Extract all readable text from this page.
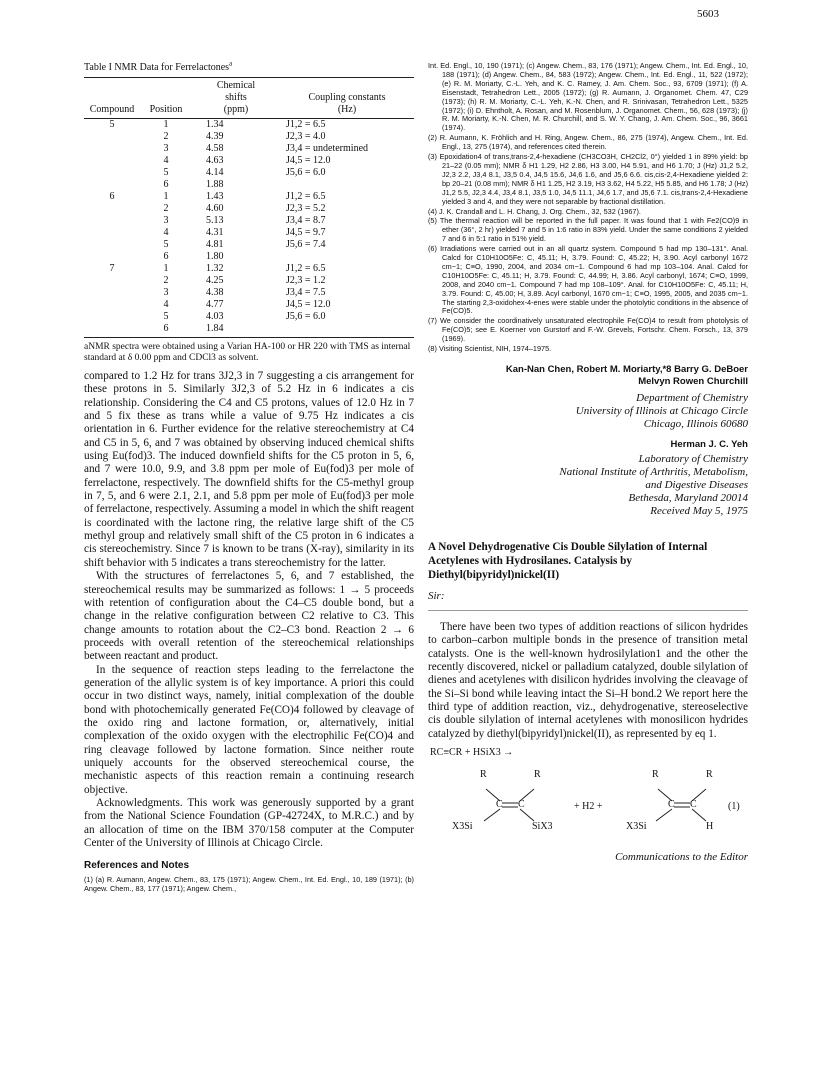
5603
Table I NMR Data for Ferrelactones$^a$
		Chemical	
		shifts	Coupling constants
Compound	Position	(ppm)	(Hz)
5	1	1.34	J1,2 = 6.5
	2	4.39	J2,3 = 4.0
	3	4.58	J3,4 = undetermined
	4	4.63	J4,5 = 12.0
	5	4.14	J5,6 = 6.0
	6	1.88	
6	1	1.43	J1,2 = 6.5
	2	4.60	J2,3 = 5.2
	3	5.13	J3,4 = 8.7
	4	4.31	J4,5 = 9.7
	5	4.81	J5,6 = 7.4
	6	1.80	
7	1	1.32	J1,2 = 6.5
	2	4.25	J2,3 = 1.2
	3	4.38	J3,4 = 7.5
	4	4.77	J4,5 = 12.0
	5	4.03	J5,6 = 6.0
	6	1.84	
aNMR spectra were obtained using a Varian HA-100 or HR 220 with TMS as internal standard at δ 0.00 ppm and CDCl3 as solvent.

compared to 1.2 Hz for trans 3J2,3 in 7 suggesting a cis arrangement for these protons in 5. Similarly 3J2,3 of 5.2 Hz in 6 indicates a cis relationship. Considering the C4 and C5 protons, values of 12.0 Hz in 7 and 5 fix these as trans while a value of 9.75 Hz indicates a cis orientation in 6. Further evidence for the relative stereochemistry at C4 and C5 in 5, 6, and 7 was obtained by observing induced chemical shifts using Eu(fod)3. The induced downfield shifts for the C5 proton in 5, 6, and 7 were 10.0, 9.9, and 3.8 ppm per mole of Eu(fod)3 per mole of ferrelactone, respectively. The downfield shifts for the C5-methyl group in 7, 5, and 6 were 2.1, 2.1, and 5.8 ppm per mole of Eu(fod)3 per mole of ferrelactone, respectively. Assuming a model in which the shift reagent is coordinated with the lactone ring, the relative large shift of the C5 methyl group and relatively small shift of the C5 proton in 6 indicates a cis stereochemistry. Since 7 is known to be trans (X-ray), similarity in its shift behavior with 5 indicates a trans stereochemistry for the latter.

With the structures of ferrelactones 5, 6, and 7 established, the stereochemical results may be summarized as follows: 1 → 5 proceeds with retention of configuration about the C4–C5 double bond, but a change in the relative configuration between C2 relative to C3. This change amounts to rotation about the C2–C3 bond. Reaction 2 → 6 proceeds with overall retention of the stereochemical relationships between reactant and product.

In the sequence of reaction steps leading to the ferrelactone the generation of the allylic system is of key importance. A priori this could occur in two distinct ways, namely, initial complexation of the double bond with photochemically generated Fe(CO)4 followed by cleavage of the oxido ring and lactone formation, or, alternatively, initial complexation of the oxido oxygen with the electrophilic Fe(CO)4 and ring cleavage followed by lactone formation. Since neither route uniquely accounts for the observed stereochemical course, the mechanistic aspects of this reaction remain a continuing research objective.

Acknowledgments. This work was generously supported by a grant from the National Science Foundation (GP-42724X, to M.R.C.) and by an allocation of time on the IBM 370/158 computer at the Computer Center of the University of Illinois at Chicago Circle.

References and Notes
(1) (a) R. Aumann, Angew. Chem., 83, 175 (1971); Angew. Chem., Int. Ed. Engl., 10, 189 (1971); (b) Angew. Chem., 83, 177 (1971); Angew. Chem.,
Int. Ed. Engl., 10, 190 (1971); (c) Angew. Chem., 83, 176 (1971); Angew. Chem., Int. Ed. Engl., 10, 188 (1971); (d) Angew. Chem., 84, 583 (1972); Angew. Chem., Int. Ed. Engl., 11, 522 (1972); (e) R. M. Moriarty, C.-L. Yeh, and K. C. Ramey, J. Am. Chem. Soc., 93, 6709 (1971); (f) A. Eisenstadt, Tetrahedron Lett., 2005 (1972); (g) R. Aumann, J. Organomet. Chem. 47, C29 (1973); (h) R. M. Moriarty, C.-L. Yeh, K.-N. Chen, and R. Srinivasan, Tetrahedron Lett., 5325 (1972); (i) D. Ehntholt, A. Rosan, and M. Rosenblum, J. Organomet. Chem., 56, 628 (1973); (j) R. M. Moriarty, K.-N. Chen, M. R. Churchill, and S. W. Y. Chang, J. Am. Chem. Soc., 96, 3661 (1974).
(2) R. Aumann, K. Fröhlich and H. Ring, Angew. Chem., 86, 275 (1974), Angew. Chem., Int. Ed. Engl., 13, 275 (1974), and references cited therein.
(3) Epoxidation4 of trans,trans-2,4-hexadiene (CH3CO3H, CH2Cl2, 0°) yielded 1 in 89% yield: bp 21–22 (0.05 mm); NMR δ H1 1.29, H2 2.86, H3 3.00, H4 5.91, and H6 1.70; J (Hz) J1,2 5.2, J2,3 2.2, J3,4 8.1, J3,5 0.4, J4,5 15.6, J4,6 1.6, and J5,6 6.6. cis,cis-2,4-Hexadiene yielded 2: bp 20–21 (0.08 mm); NMR δ H1 1.25, H2 3.19, H3 3.62, H4 5.22, H5 5.85, and H6 1.78; J (Hz) J1,2 5.5, J2,3 4.4, J3,4 8.1, J3,5 1.0, J4,5 11.1, J4,6 1.7, and J5,6 7.1. cis,trans-2,4-Hexadiene yielded 3 and 4, and they were not separable by fractional distillation.
(4) J. K. Crandall and L. H. Chang, J. Org. Chem., 32, 532 (1967).
(5) The thermal reaction will be reported in the full paper. It was found that 1 with Fe2(CO)9 in ether (36°, 2 hr) yielded 7 and 5 in 1:6 ratio in 83% yield. Under the same conditions 2 yielded 7 and 6 in 5:1 ratio in 51% yield.
(6) Irradiations were carried out in an all quartz system. Compound 5 had mp 130–131°. Anal. Calcd for C10H10O5Fe: C, 45.11; H, 3.79. Found: C, 45.22; H, 3.90. Acyl carbonyl 1672 cm−1; C≡O, 1990, 2004, and 2034 cm−1. Compound 6 had mp 103–104. Anal. Calcd for C10H10O5Fe: C, 45.11; H, 3.79. Found: C, 44.99; H, 3.86. Acyl carbonyl, 1674; C≡O, 1999, 2008, and 2040 cm−1. Compound 7 had mp 108–109°. Anal. for C10H10O5Fe: C, 45.11; H, 3.79. Found: C, 45.00; H, 3.89. Acyl carbonyl, 1670 cm−1; C≡O, 1995, 2005, and 2035 cm−1. The starting 2,3-oxidohex-4-enes were stable under the photolytic conditions in the absence of Fe(CO)5.
(7) We consider the coordinatively unsaturated electrophile Fe(CO)4 to result from photolysis of Fe(CO)5; see E. Koerner von Gurstorf and F.-W. Grevels, Fortschr. Chem. Forsch., 13, 379 (1969).
(8) Visiting Scientist, NIH, 1974–1975.
Kan-Nan Chen, Robert M. Moriarty,*8 Barry G. DeBoer
Melvyn Rowen Churchill
Department of Chemistry
University of Illinois at Chicago Circle
Chicago, Illinois 60680
Herman J. C. Yeh
Laboratory of Chemistry
National Institute of Arthritis, Metabolism,
and Digestive Diseases
Bethesda, Maryland 20014
Received May 5, 1975

A Novel Dehydrogenative Cis Double Silylation of Internal Acetylenes with Hydrosilanes. Catalysis by Diethyl(bipyridyl)nickel(II)

Sir:

There have been two types of addition reactions of silicon hydrides to carbon–carbon multiple bonds in the presence of transition metal catalysts. One is the well-known hydrosilylation1 and the other the recently discovered, nickel or palladium catalyzed, double silylation of dienes and acetylenes with disilicon hydrides involving the cleavage of the Si–Si bond while leaving intact the Si–H bond.2 We report here the third type of addition reaction, viz., dehydrogenative, stereoselective cis double silylation of internal acetylenes with monosilicon hydrides catalyzed by diethyl(bipyridyl)nickel(II), as represented by eq 1.

RC≡CR + HSiX3 →
R	R
C C
X3Si	SiX3
+ H2 +
R	R
C C
X3Si	H
(1)
Communications to the Editor
